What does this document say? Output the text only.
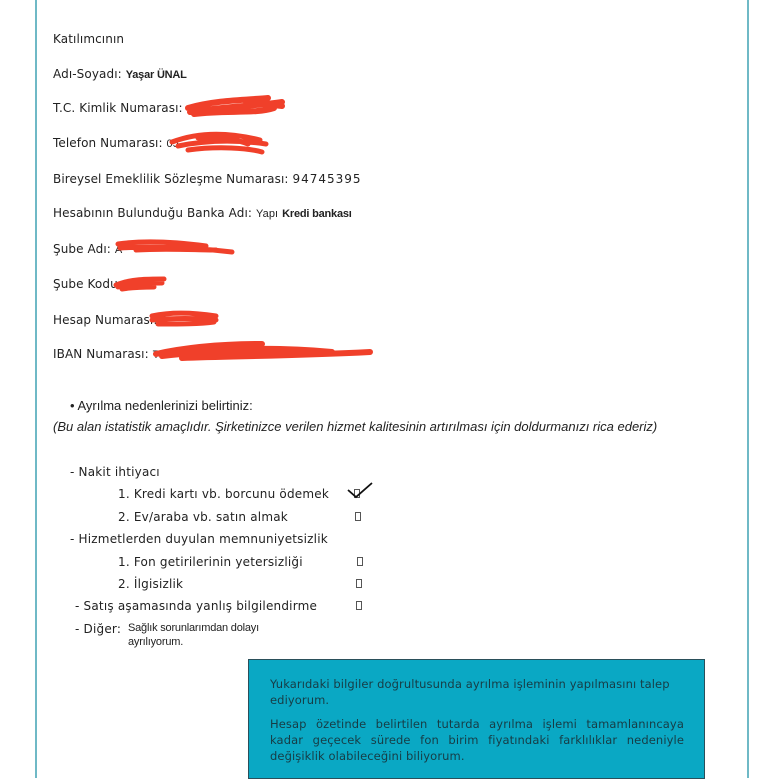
Katılımcının
Adı-Soyadı: Yaşar ÜNAL
T.C. Kimlik Numarası:
Telefon Numarası: 05
Bireysel Emeklilik Sözleşme Numarası: 94745395
Hesabının Bulunduğu Banka Adı: Yapı Kredi bankası
Şube Adı: A
Şube Kodu:
Hesap Numarası: 3
IBAN Numarası: TR
• Ayrılma nedenlerinizi belirtiniz:
(Bu alan istatistik amaçlıdır. Şirketinizce verilen hizmet kalitesinin artırılması için doldurmanızı rica ederiz)
- Nakit ihtiyacı
1. Kredi kartı vb. borcunu ödemek
2. Ev/araba vb. satın almak
- Hizmetlerden duyulan memnuniyetsizlik
1. Fon getirilerinin yetersizliği
2. İlgisizlik
- Satış aşamasında yanlış bilgilendirme
- Diğer: Sağlık sorunlarımdan dolayı
ayrılıyorum.

Yukarıdaki bilgiler doğrultusunda ayrılma işleminin yapılmasını talep ediyorum.

Hesap özetinde belirtilen tutarda ayrılma işlemi tamamlanıncaya kadar geçecek sürede fon birim fiyatındaki farklılıklar nedeniyle değişiklik olabileceğini biliyorum.
